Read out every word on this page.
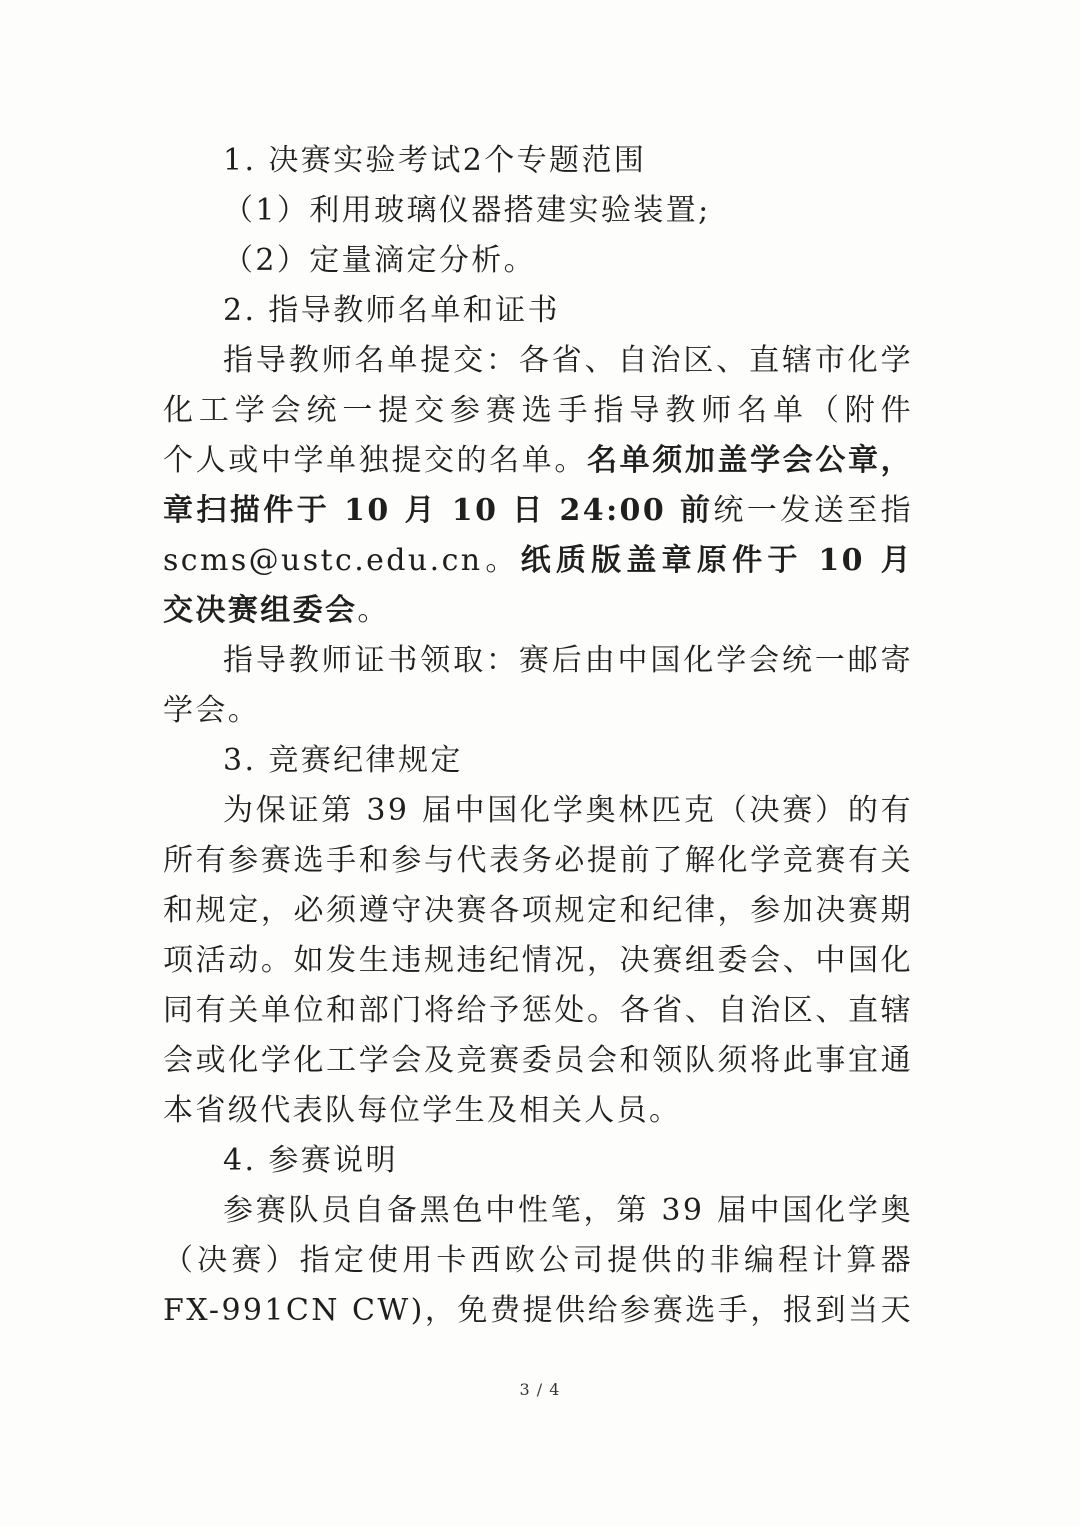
1. 决赛实验考试2个专题范围
（1）利用玻璃仪器搭建实验装置;
（2）定量滴定分析。
2. 指导教师名单和证书
指导教师名单提交：各省、自治区、直辖市化学
化工学会统一提交参赛选手指导教师名单（附件
个人或中学单独提交的名单。名单须加盖学会公章，
章扫描件于 10 月 10 日 24:00 前统一发送至指
scms@ustc.edu.cn。纸质版盖章原件于 10 月
交决赛组委会。
指导教师证书领取：赛后由中国化学会统一邮寄
学会。
3. 竞赛纪律规定
为保证第 39 届中国化学奥林匹克（决赛）的有
所有参赛选手和参与代表务必提前了解化学竞赛有关
和规定，必须遵守决赛各项规定和纪律，参加决赛期
项活动。如发生违规违纪情况，决赛组委会、中国化
同有关单位和部门将给予惩处。各省、自治区、直辖
会或化学化工学会及竞赛委员会和领队须将此事宜通
本省级代表队每位学生及相关人员。
4. 参赛说明
参赛队员自备黑色中性笔，第 39 届中国化学奥
（决赛）指定使用卡西欧公司提供的非编程计算器
FX-991CN CW)，免费提供给参赛选手，报到当天
3 / 4
